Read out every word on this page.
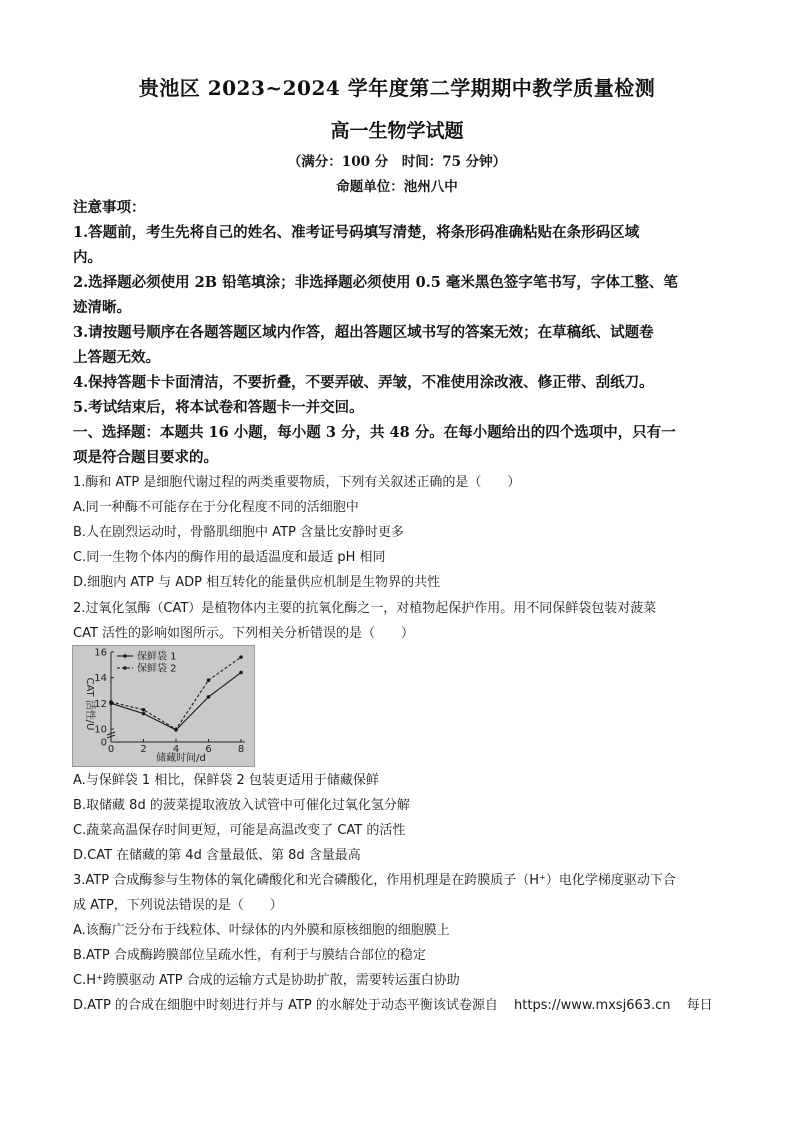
贵池区 2023~2024 学年度第二学期期中教学质量检测
高一生物学试题
（满分：100 分　时间：75 分钟）
命题单位：池州八中
注意事项：
1.答题前，考生先将自己的姓名、准考证号码填写清楚，将条形码准确粘贴在条形码区域
内。
2.选择题必须使用 2B 铅笔填涂；非选择题必须使用 0.5 毫米黑色签字笔书写，字体工整、笔
迹清晰。
3.请按题号顺序在各题答题区域内作答，超出答题区域书写的答案无效；在草稿纸、试题卷
上答题无效。
4.保持答题卡卡面清洁，不要折叠，不要弄破、弄皱，不准使用涂改液、修正带、刮纸刀。
5.考试结束后，将本试卷和答题卡一并交回。
一、选择题：本题共 16 小题，每小题 3 分，共 48 分。在每小题给出的四个选项中，只有一
项是符合题目要求的。
1.酶和 ATP 是细胞代谢过程的两类重要物质，下列有关叙述正确的是（　　）
A.同一种酶不可能存在于分化程度不同的活细胞中
B.人在剧烈运动时，骨骼肌细胞中 ATP 含量比安静时更多
C.同一生物个体内的酶作用的最适温度和最适 pH 相同
D.细胞内 ATP 与 ADP 相互转化的能量供应机制是生物界的共性
2.过氧化氢酶（CAT）是植物体内主要的抗氧化酶之一，对植物起保护作用。用不同保鲜袋包装对菠菜
CAT 活性的影响如图所示。下列相关分析错误的是（　　）
0	2	4	6	8
0
10
12
14
16	保鲜袋 1
保鲜袋 2
CAT 活性/U
储藏时间/d
A.与保鲜袋 1 相比，保鲜袋 2 包装更适用于储藏保鲜
B.取储藏 8d 的菠菜提取液放入试管中可催化过氧化氢分解
C.蔬菜高温保存时间更短，可能是高温改变了 CAT 的活性
D.CAT 在储藏的第 4d 含量最低、第 8d 含量最高
3.ATP 合成酶参与生物体的氧化磷酸化和光合磷酸化，作用机理是在跨膜质子（H⁺）电化学梯度驱动下合
成 ATP，下列说法错误的是（　　）
A.该酶广泛分布于线粒体、叶绿体的内外膜和原核细胞的细胞膜上
B.ATP 合成酶跨膜部位呈疏水性，有利于与膜结合部位的稳定
C.H⁺跨膜驱动 ATP 合成的运输方式是协助扩散，需要转运蛋白协助
D.ATP 的合成在细胞中时刻进行并与 ATP 的水解处于动态平衡该试卷源自 https://www.mxsj663.cn 每日
